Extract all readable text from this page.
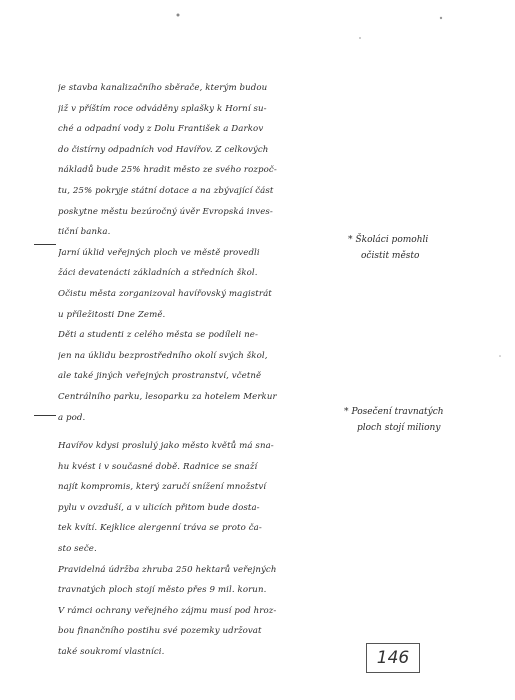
je stavba kanalizačního sběrače, kterým budou
již v příštím roce odváděny splašky k Horní su-
ché a odpadní vody z Dolu František a Darkov
do čistírny odpadních vod Havířov. Z celkových
nákladů bude 25% hradit město ze svého rozpoč-
tu, 25% pokryje státní dotace a na zbývající část
poskytne městu bezúročný úvěr Evropská inves-
tiční banka.
Jarní úklid veřejných ploch ve městě provedli
žáci devatenácti základních a středních škol.
Očistu města zorganizoval havířovský magistrát
u příležitosti Dne Země.
Děti a studenti z celého města se podíleli ne-
jen na úklidu bezprostředního okolí svých škol,
ale také jiných veřejných prostranství, včetně
Centrálního parku, lesoparku za hotelem Merkur
a pod.
Havířov kdysi proslulý jako město květů má sna-
hu kvést i v současné době. Radnice se snaží
najít kompromis, který zaručí snížení množství
pylu v ovzduší, a v ulicích přitom bude dosta-
tek kvítí. Kejklice alergenní tráva se proto ča-
sto seče.
Pravidelná údržba zhruba 250 hektarů veřejných
travnatých ploch stojí město přes 9 mil. korun.
V rámci ochrany veřejného zájmu musí pod hroz-
bou finančního postihu své pozemky udržovat
také soukromí vlastníci.
* Školáci pomohli
očistit město
* Posečení travnatých
ploch stojí miliony
146
